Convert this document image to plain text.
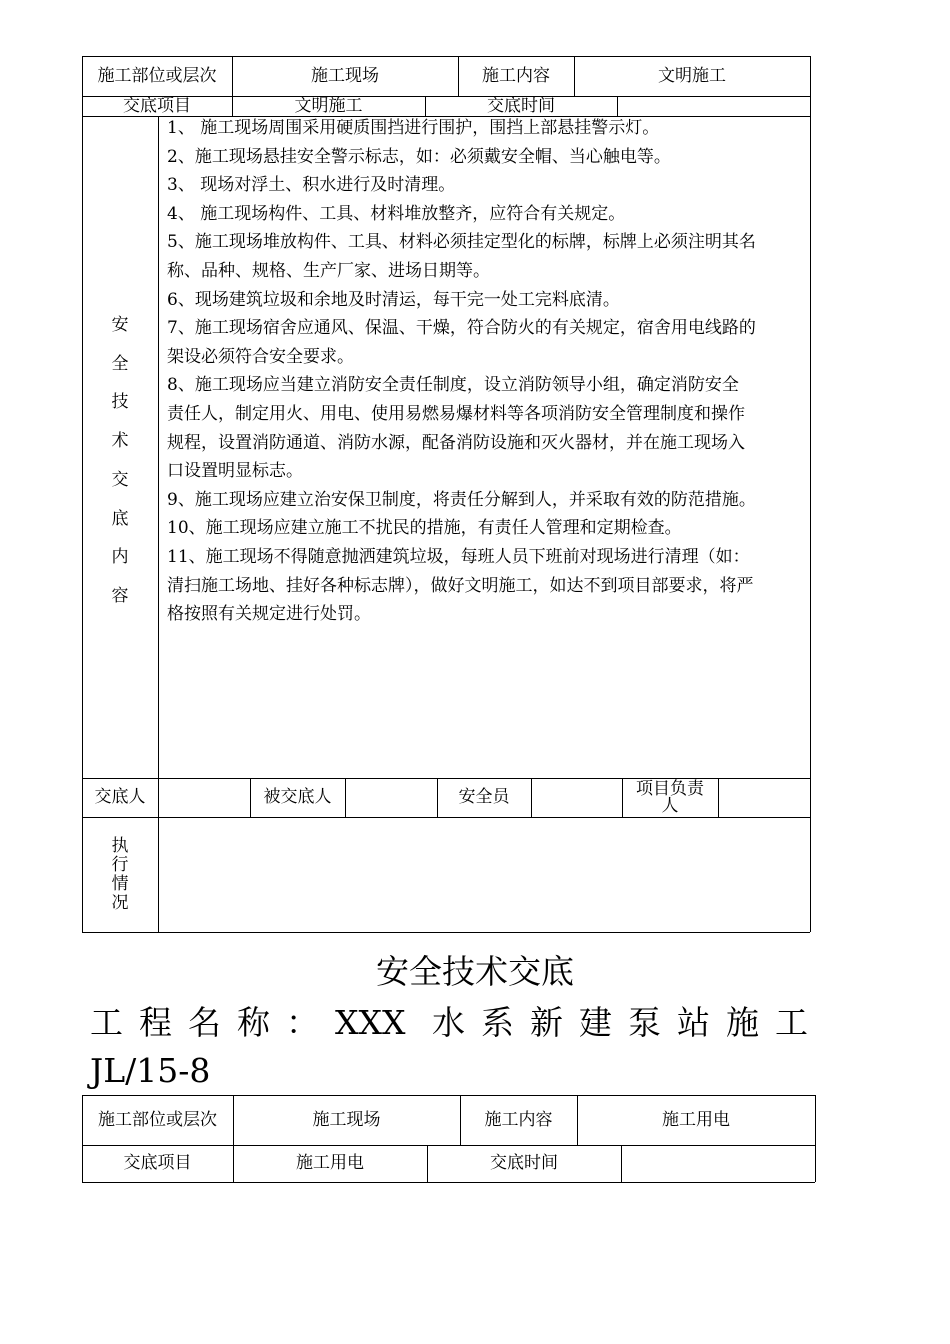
施工部位或层次	施工现场	施工内容	文明施工
交底项目	文明施工	交底时间
安
全
技
术
交
底
内
容

1、 施工现场周围采用硬质围挡进行围护，围挡上部悬挂警示灯。

2、施工现场悬挂安全警示标志，如：必须戴安全帽、当心触电等。

3、 现场对浮土、积水进行及时清理。

4、 施工现场构件、工具、材料堆放整齐，应符合有关规定。

5、施工现场堆放构件、工具、材料必须挂定型化的标牌，标牌上必须注明其名

称、品种、规格、生产厂家、进场日期等。

6、现场建筑垃圾和余地及时清运，每干完一处工完料底清。

7、施工现场宿舍应通风、保温、干燥，符合防火的有关规定，宿舍用电线路的

架设必须符合安全要求。

8、施工现场应当建立消防安全责任制度，设立消防领导小组，确定消防安全

责任人，制定用火、用电、使用易燃易爆材料等各项消防安全管理制度和操作

规程，设置消防通道、消防水源，配备消防设施和灭火器材，并在施工现场入

口设置明显标志。

9、施工现场应建立治安保卫制度，将责任分解到人，并采取有效的防范措施。

10、施工现场应建立施工不扰民的措施，有责任人管理和定期检查。

11、施工现场不得随意抛洒建筑垃圾，每班人员下班前对现场进行清理（如：

清扫施工场地、挂好各种标志牌），做好文明施工，如达不到项目部要求，将严

格按照有关规定进行处罚。

交底人	被交底人	安全员	项目负责人
执
行
情
况
安全技术交底
工程名称：XXX 水系新建泵站施工
JL/15-8
施工部位或层次	施工现场	施工内容	施工用电
交底项目	施工用电	交底时间
